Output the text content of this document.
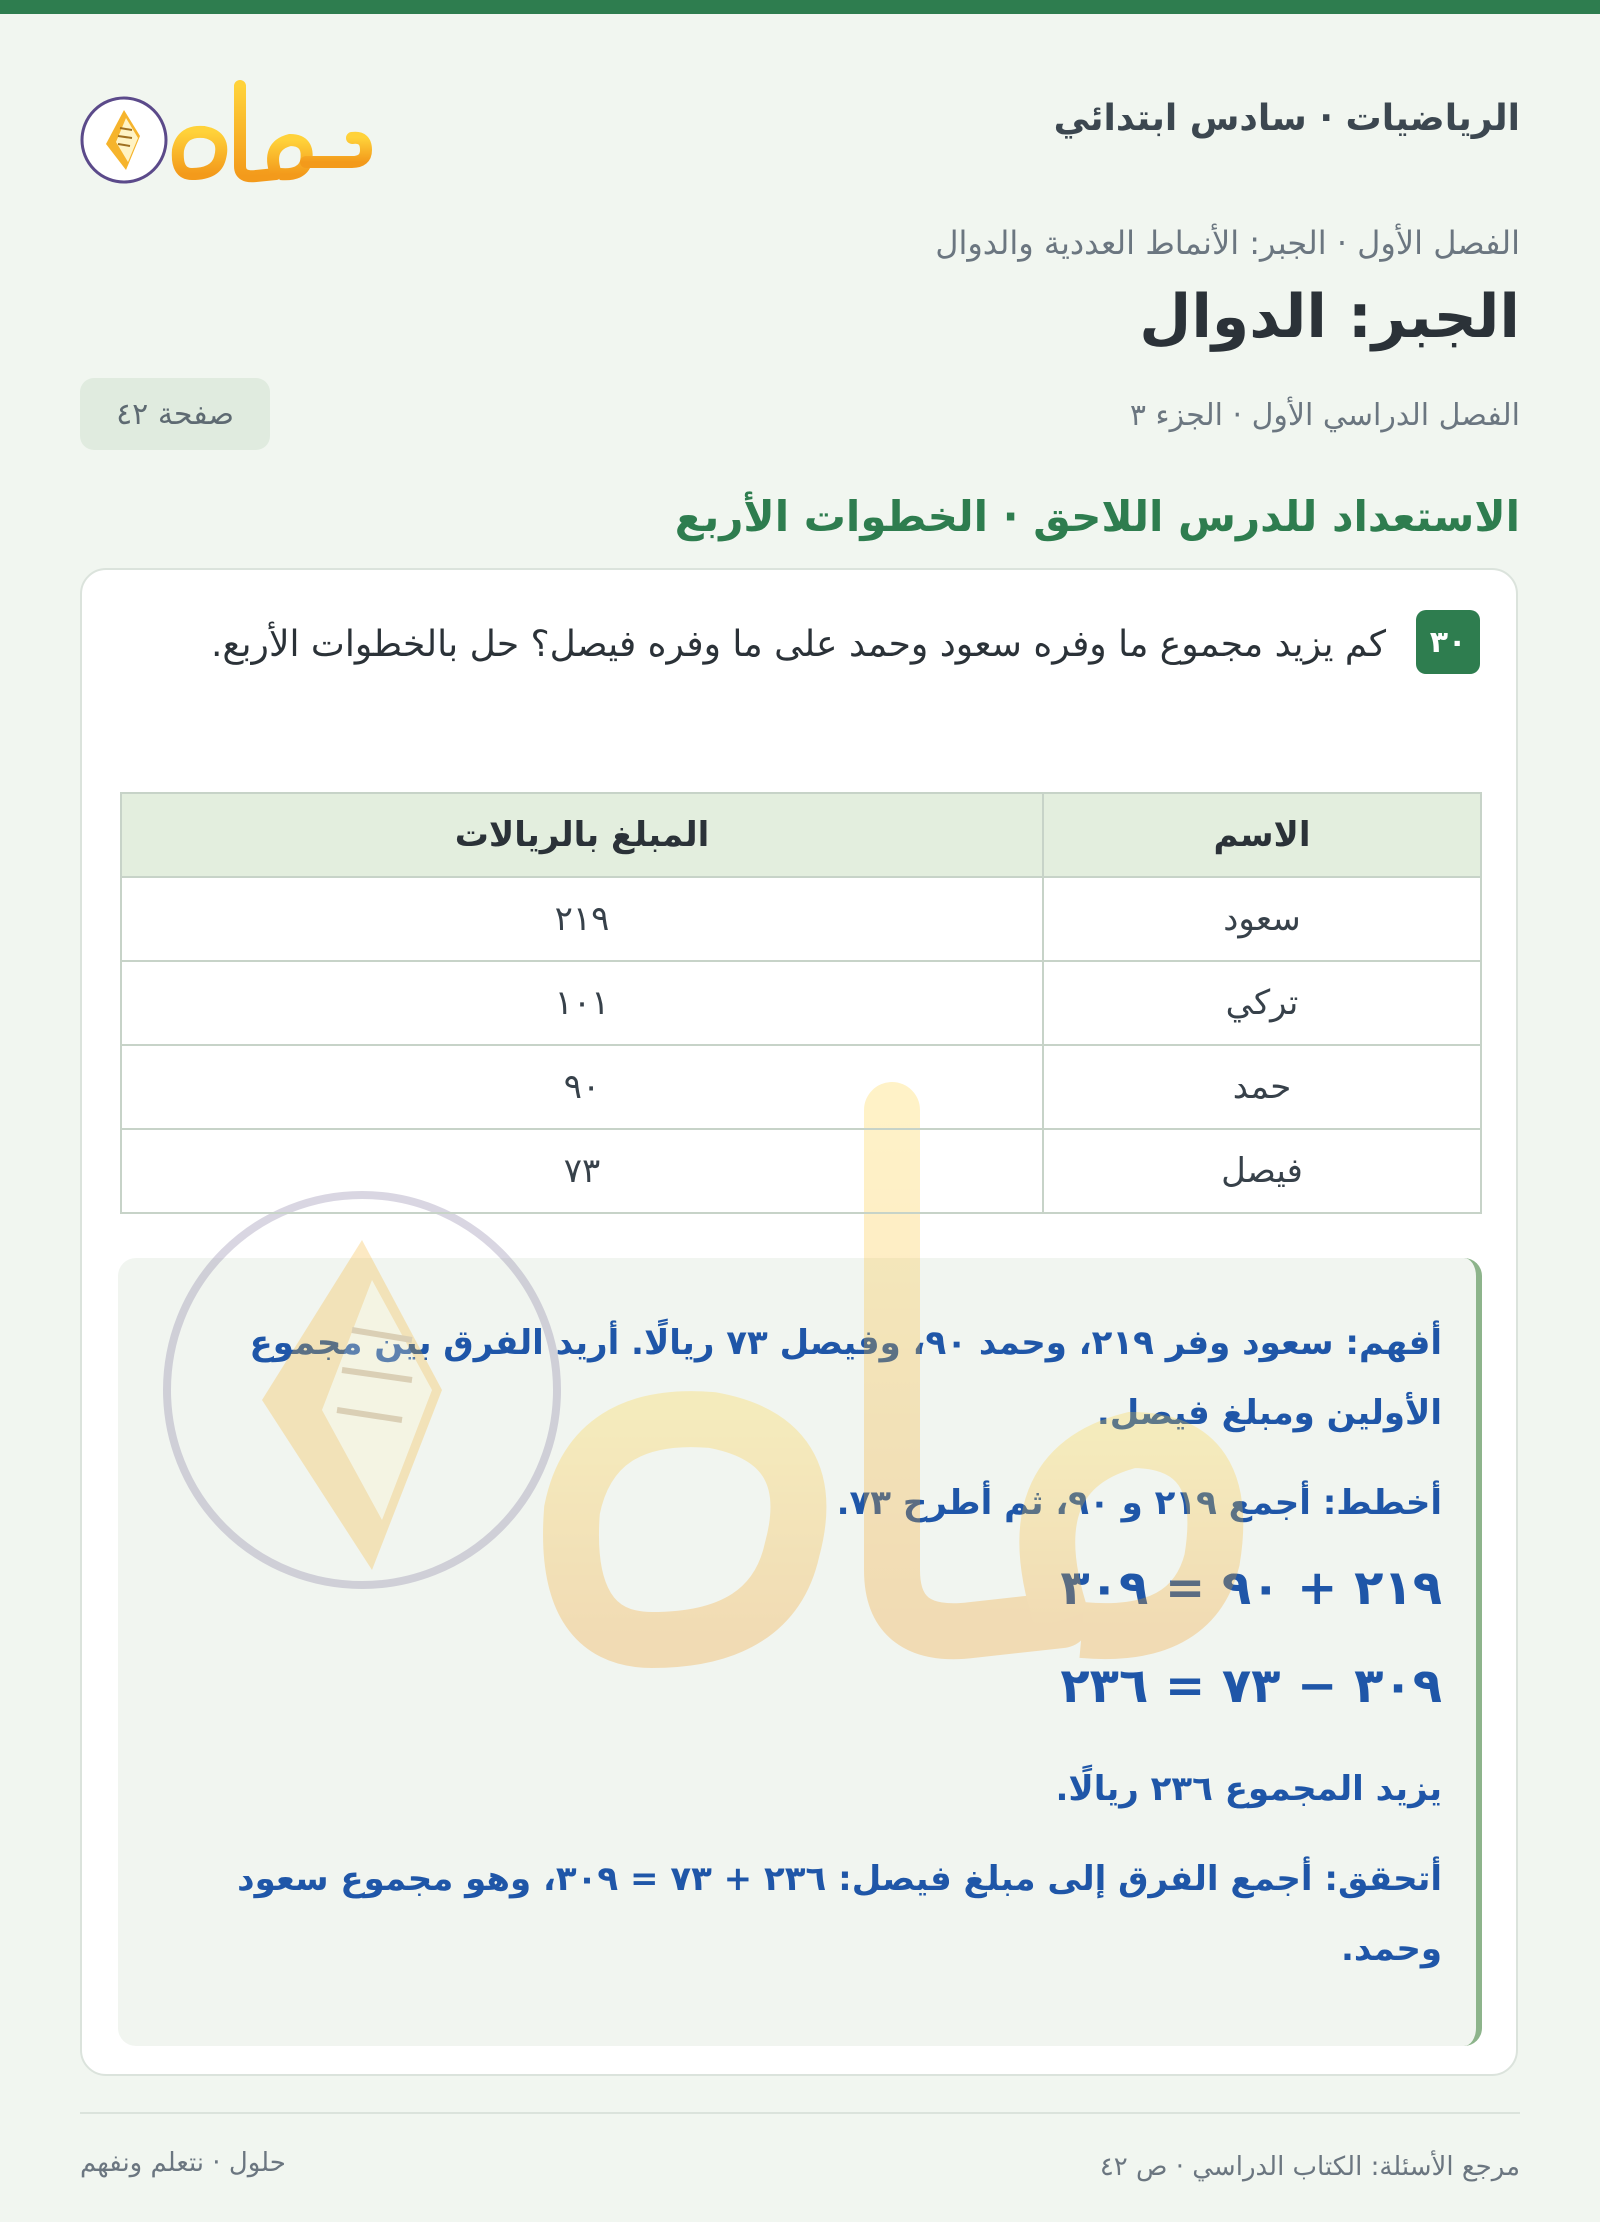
الرياضيات · سادس ابتدائي
الفصل الأول · الجبر: الأنماط العددية والدوال
الجبر: الدوال
الفصل الدراسي الأول · الجزء ٣
صفحة ٤٢
الاستعداد للدرس اللاحق · الخطوات الأربع
أفهم: سعود وفر ٢١٩، وحمد ٩٠، وفيصل ٧٣ ريالًا. أريد الفرق بين مجموع الأولين ومبلغ فيصل.
أخطط: أجمع ٢١٩ و ٩٠، ثم أطرح ٧٣.
٢١٩ + ٩٠ = ٣٠٩
٣٠٩ − ٧٣ = ٢٣٦
يزيد المجموع ٢٣٦ ريالًا.
أتحقق: أجمع الفرق إلى مبلغ فيصل: ٢٣٦ + ٧٣ = ٣٠٩، وهو مجموع سعود وحمد.
٣٠
كم يزيد مجموع ما وفره سعود وحمد على ما وفره فيصل؟ حل بالخطوات الأربع.
الاسم	المبلغ بالريالات
سعود	٢١٩
تركي	١٠١
حمد	٩٠
فيصل	٧٣
مرجع الأسئلة: الكتاب الدراسي · ص ٤٢
حلول · نتعلم ونفهم
